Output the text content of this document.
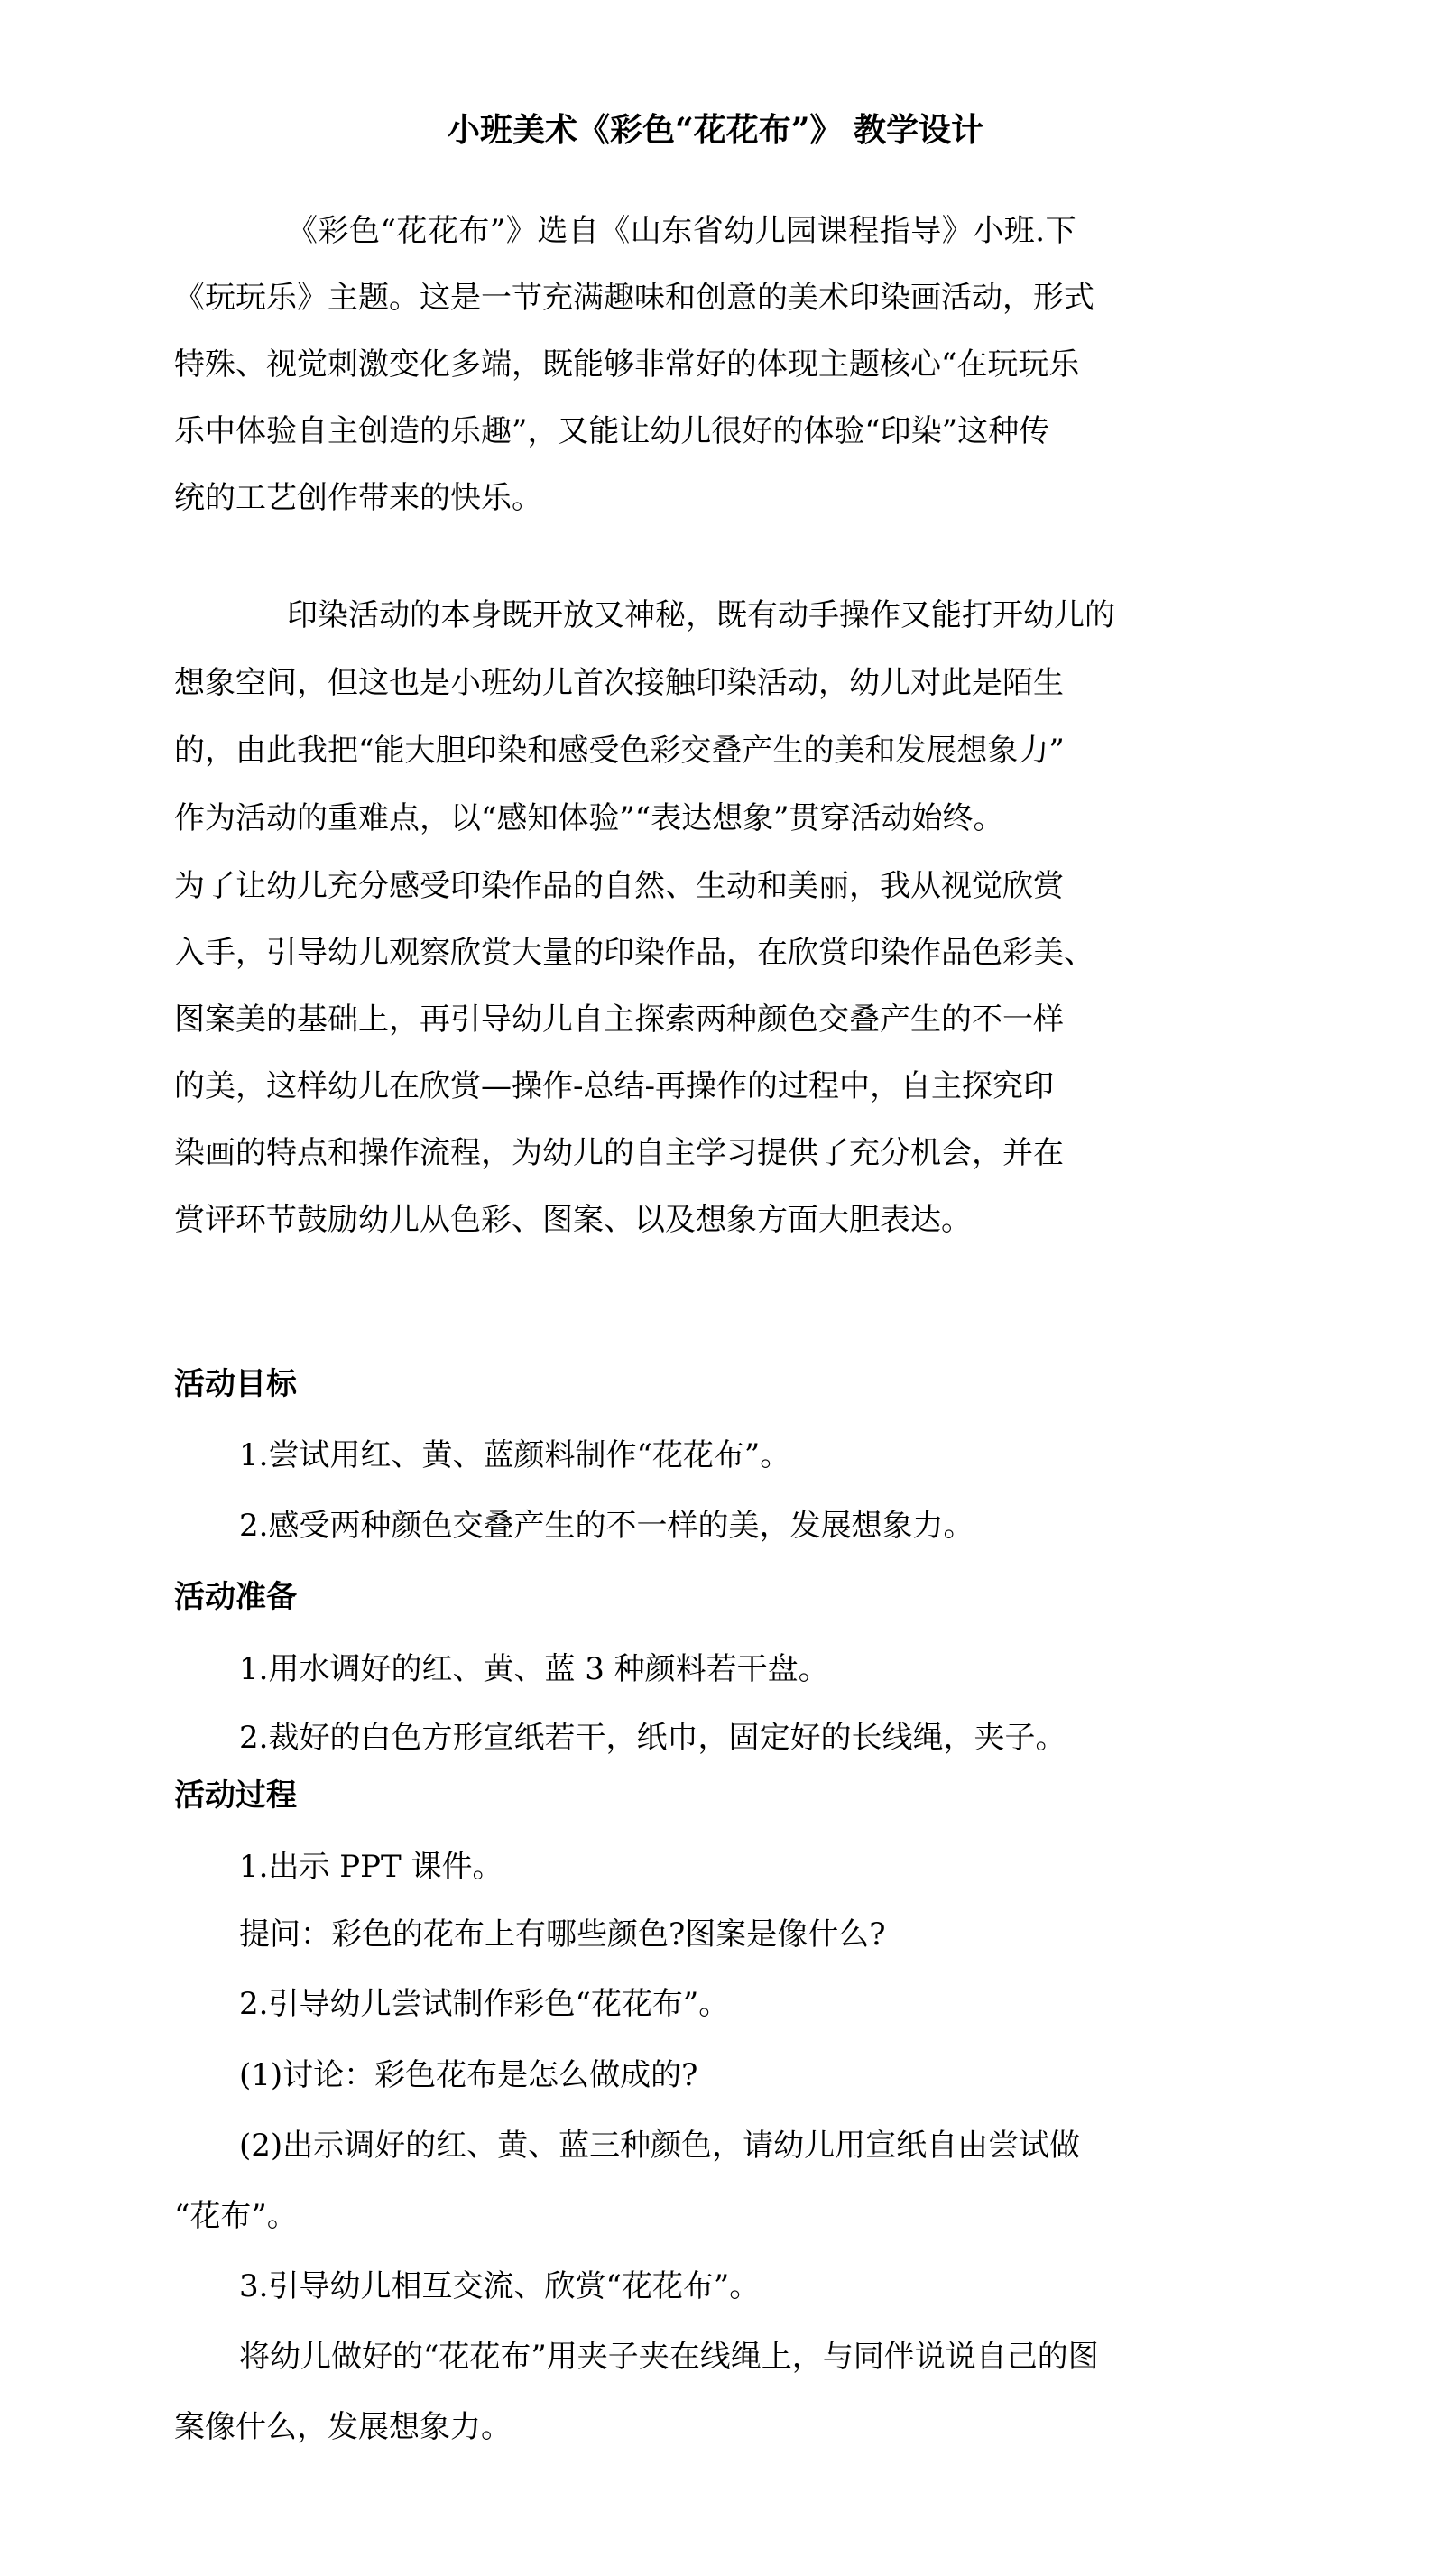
小班美术《彩色“花花布”》 教学设计
《彩色“花花布”》选自《山东省幼儿园课程指导》小班.下
《玩玩乐》主题。这是一节充满趣味和创意的美术印染画活动，形式
特殊、视觉刺激变化多端，既能够非常好的体现主题核心“在玩玩乐
乐中体验自主创造的乐趣”，又能让幼儿很好的体验“印染”这种传
统的工艺创作带来的快乐。
印染活动的本身既开放又神秘，既有动手操作又能打开幼儿的
想象空间，但这也是小班幼儿首次接触印染活动，幼儿对此是陌生
的，由此我把“能大胆印染和感受色彩交叠产生的美和发展想象力”
作为活动的重难点，以“感知体验”“表达想象”贯穿活动始终。
为了让幼儿充分感受印染作品的自然、生动和美丽，我从视觉欣赏
入手，引导幼儿观察欣赏大量的印染作品，在欣赏印染作品色彩美、
图案美的基础上，再引导幼儿自主探索两种颜色交叠产生的不一样
的美，这样幼儿在欣赏—操作-总结-再操作的过程中，自主探究印
染画的特点和操作流程，为幼儿的自主学习提供了充分机会，并在
赏评环节鼓励幼儿从色彩、图案、以及想象方面大胆表达。
活动目标
1.尝试用红、黄、蓝颜料制作“花花布”。
2.感受两种颜色交叠产生的不一样的美，发展想象力。
活动准备
1.用水调好的红、黄、蓝 3 种颜料若干盘。
2.裁好的白色方形宣纸若干，纸巾，固定好的长线绳，夹子。
活动过程
1.出示 PPT 课件。
提问：彩色的花布上有哪些颜色?图案是像什么?
2.引导幼儿尝试制作彩色“花花布”。
(1)讨论：彩色花布是怎么做成的?
(2)出示调好的红、黄、蓝三种颜色，请幼儿用宣纸自由尝试做
“花布”。
3.引导幼儿相互交流、欣赏“花花布”。
将幼儿做好的“花花布”用夹子夹在线绳上，与同伴说说自己的图
案像什么，发展想象力。
